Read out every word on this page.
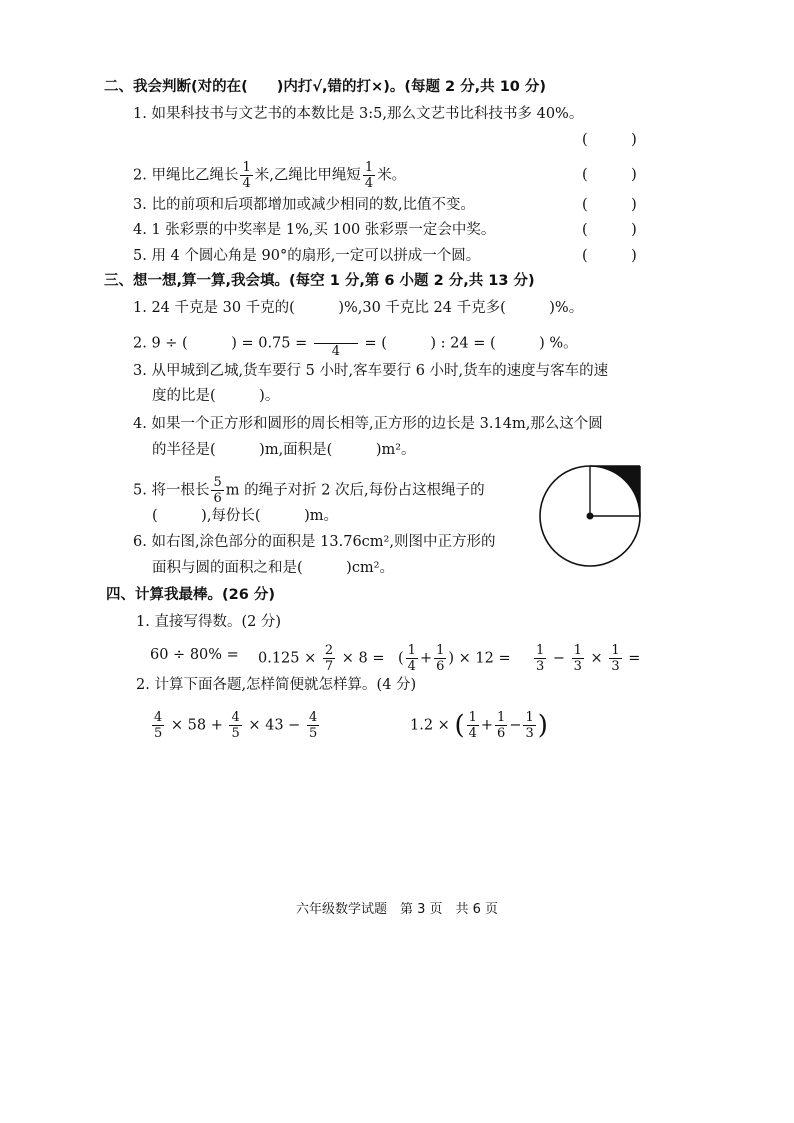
二、我会判断(对的在(　　)内打√,错的打×)。(每题 2 分,共 10 分)
1. 如果科技书与文艺书的本数比是 3:5,那么文艺书比科技书多 40%。
(　　　)
2. 甲绳比乙绳长 $\frac{1}{4}$ 米,乙绳比甲绳短 $\frac{1}{4}$ 米。	(　　　)
3. 比的前项和后项都增加或减少相同的数,比值不变。	(　　　)
4. 1 张彩票的中奖率是 1%,买 100 张彩票一定会中奖。	(　　　)
5. 用 4 个圆心角是 90°的扇形,一定可以拼成一个圆。	(　　　)
三、想一想,算一算,我会填。(每空 1 分,第 6 小题 2 分,共 13 分)
1. 24 千克是 30 千克的(　　　)%,30 千克比 24 千克多(　　　)%。
2. 9 ÷ (　　　) = 0.75 =
	4	= (　　　) : 24 = (　　　) %。
3. 从甲城到乙城,货车要行 5 小时,客车要行 6 小时,货车的速度与客车的速
度的比是(　　　)。
4. 如果一个正方形和圆形的周长相等,正方形的边长是 3.14m,那么这个圆
的半径是(　　　)m,面积是(　　　)m²。
5. 将一根长 $\frac{5}{6}$ m 的绳子对折 2 次后,每份占这根绳子的
(　　　),每份长(　　　)m。
6. 如右图,涂色部分的面积是 13.76cm²,则图中正方形的
面积与圆的面积之和是(　　　)cm²。
四、计算我最棒。(26 分)
1. 直接写得数。(2 分)
$60 \div 80\% = 0.125 \times \frac{2}{7} \times 8$ = ( $\frac{1}{4} + \frac{1}{6}$ ) × $12 = \frac{1}{3} - \frac{1}{3} \times \frac{1}{3}$ =
2. 计算下面各题,怎样简便就怎样算。(4 分)
$\frac{4}{5} \times 58 + \frac{4}{5} \times 43 - \frac{4}{5}$	1.2 × ( $\frac{1}{4} + \frac{1}{6} - \frac{1}{3}$ )
六年级数学试题　第 3 页　共 6 页
